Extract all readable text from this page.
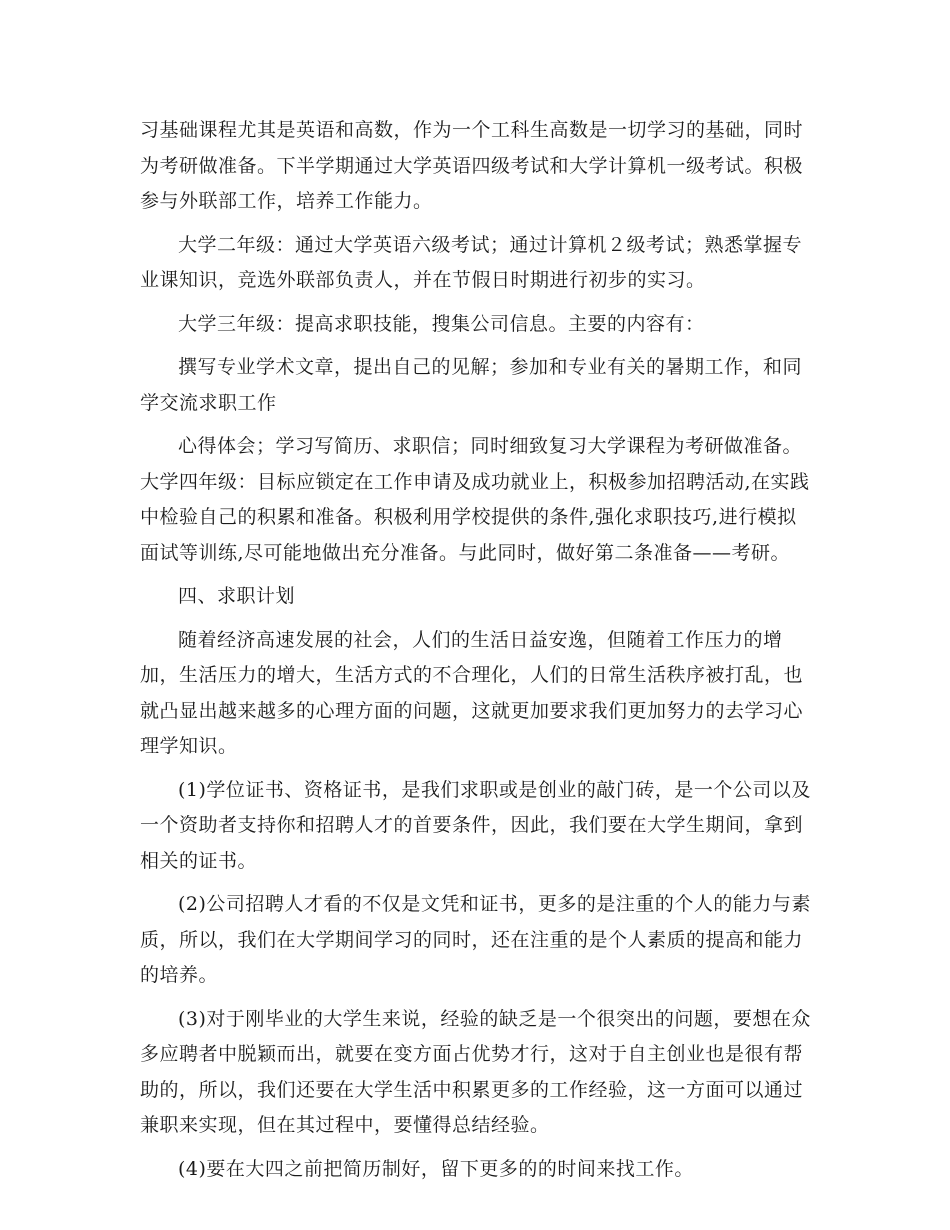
习基础课程尤其是英语和高数，作为一个工科生高数是一切学习的基础，同时为考研做准备。下半学期通过大学英语四级考试和大学计算机一级考试。积极参与外联部工作，培养工作能力。

大学二年级：通过大学英语六级考试；通过计算机２级考试；熟悉掌握专业课知识，竞选外联部负责人，并在节假日时期进行初步的实习。

大学三年级：提高求职技能，搜集公司信息。主要的内容有：

撰写专业学术文章，提出自己的见解；参加和专业有关的暑期工作，和同学交流求职工作

心得体会；学习写简历、求职信；同时细致复习大学课程为考研做准备。大学四年级：目标应锁定在工作申请及成功就业上，积极参加招聘活动,在实践中检验自己的积累和准备。积极利用学校提供的条件,强化求职技巧,进行模拟面试等训练,尽可能地做出充分准备。与此同时，做好第二条准备——考研。

四、求职计划

随着经济高速发展的社会，人们的生活日益安逸，但随着工作压力的增加，生活压力的增大，生活方式的不合理化，人们的日常生活秩序被打乱，也就凸显出越来越多的心理方面的问题，这就更加要求我们更加努力的去学习心理学知识。

(1)学位证书、资格证书，是我们求职或是创业的敲门砖，是一个公司以及一个资助者支持你和招聘人才的首要条件，因此，我们要在大学生期间，拿到相关的证书。

(2)公司招聘人才看的不仅是文凭和证书，更多的是注重的个人的能力与素质，所以，我们在大学期间学习的同时，还在注重的是个人素质的提高和能力的培养。

(3)对于刚毕业的大学生来说，经验的缺乏是一个很突出的问题，要想在众多应聘者中脱颖而出，就要在变方面占优势才行，这对于自主创业也是很有帮助的，所以，我们还要在大学生活中积累更多的工作经验，这一方面可以通过兼职来实现，但在其过程中，要懂得总结经验。

(4)要在大四之前把简历制好，留下更多的的时间来找工作。
